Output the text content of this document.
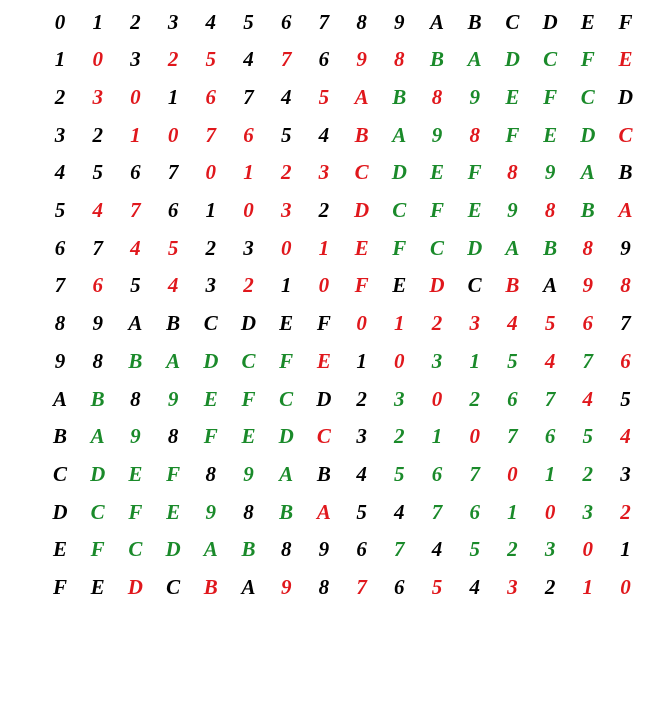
0	1	2	3	4	5	6	7	8	9	A	B	C	D	E	F
1	0	3	2	5	4	7	6	9	8	B	A	D	C	F	E
2	3	0	1	6	7	4	5	A	B	8	9	E	F	C	D
3	2	1	0	7	6	5	4	B	A	9	8	F	E	D	C
4	5	6	7	0	1	2	3	C	D	E	F	8	9	A	B
5	4	7	6	1	0	3	2	D	C	F	E	9	8	B	A
6	7	4	5	2	3	0	1	E	F	C	D	A	B	8	9
7	6	5	4	3	2	1	0	F	E	D	C	B	A	9	8
8	9	A	B	C	D	E	F	0	1	2	3	4	5	6	7
9	8	B	A	D	C	F	E	1	0	3	1	5	4	7	6
A	B	8	9	E	F	C	D	2	3	0	2	6	7	4	5
B	A	9	8	F	E	D	C	3	2	1	0	7	6	5	4
C	D	E	F	8	9	A	B	4	5	6	7	0	1	2	3
D	C	F	E	9	8	B	A	5	4	7	6	1	0	3	2
E	F	C	D	A	B	8	9	6	7	4	5	2	3	0	1
F	E	D	C	B	A	9	8	7	6	5	4	3	2	1	0
